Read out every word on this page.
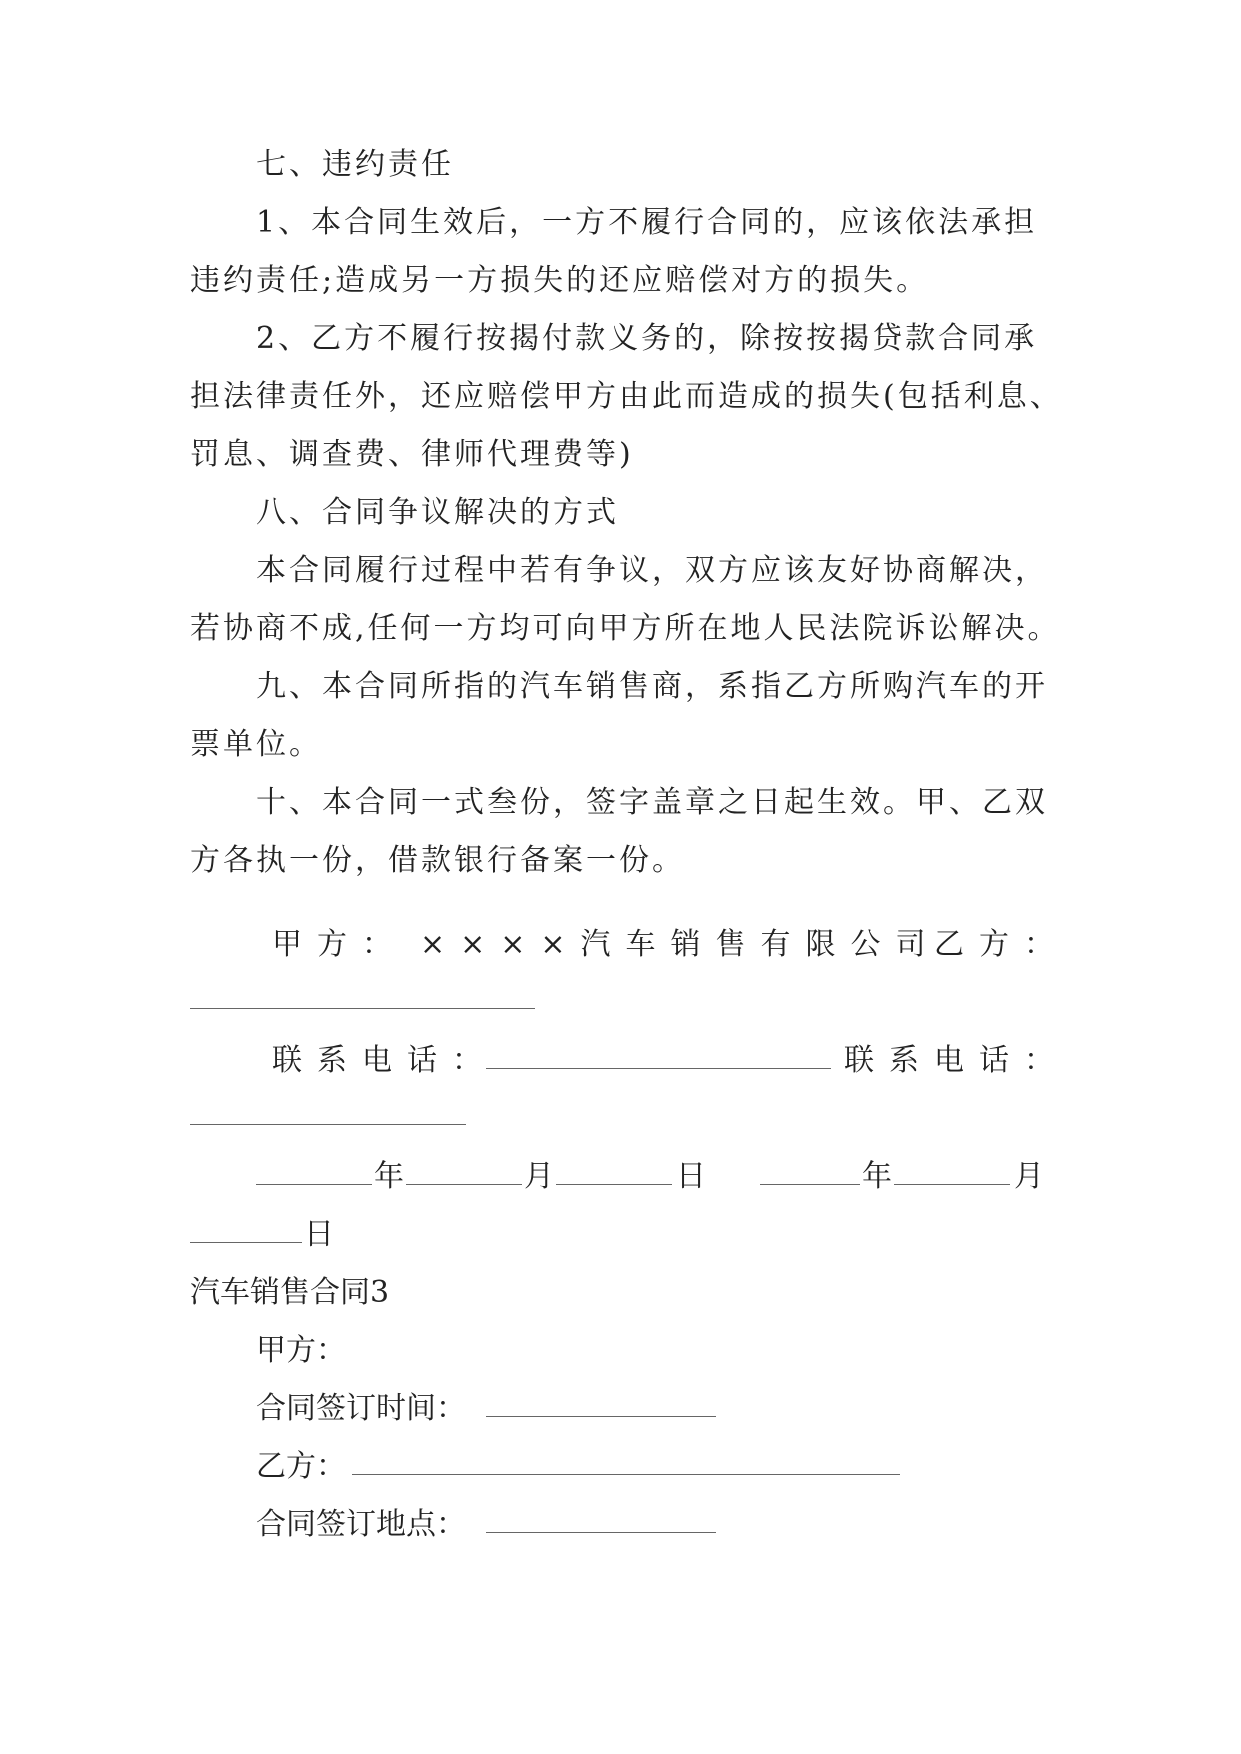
七、违约责任

1、本合同生效后，一方不履行合同的，应该依法承担违约责任;造成另一方损失的还应赔偿对方的损失。

2、乙方不履行按揭付款义务的，除按按揭贷款合同承担法律责任外，还应赔偿甲方由此而造成的损失(包括利息、罚息、调查费、律师代理费等)

八、合同争议解决的方式

本合同履行过程中若有争议，双方应该友好协商解决，若协商不成,任何一方均可向甲方所在地人民法院诉讼解决。

九、本合同所指的汽车销售商，系指乙方所购汽车的开票单位。

十、本合同一式叁份，签字盖章之日起生效。甲、乙双方各执一份，借款银行备案一份。

甲方： ××××汽车销售有限公司
乙方：
联系电话：	联系电话：
年	月	日	年	月
日
汽车销售合同3
甲方：
合同签订时间：
乙方：
合同签订地点：
